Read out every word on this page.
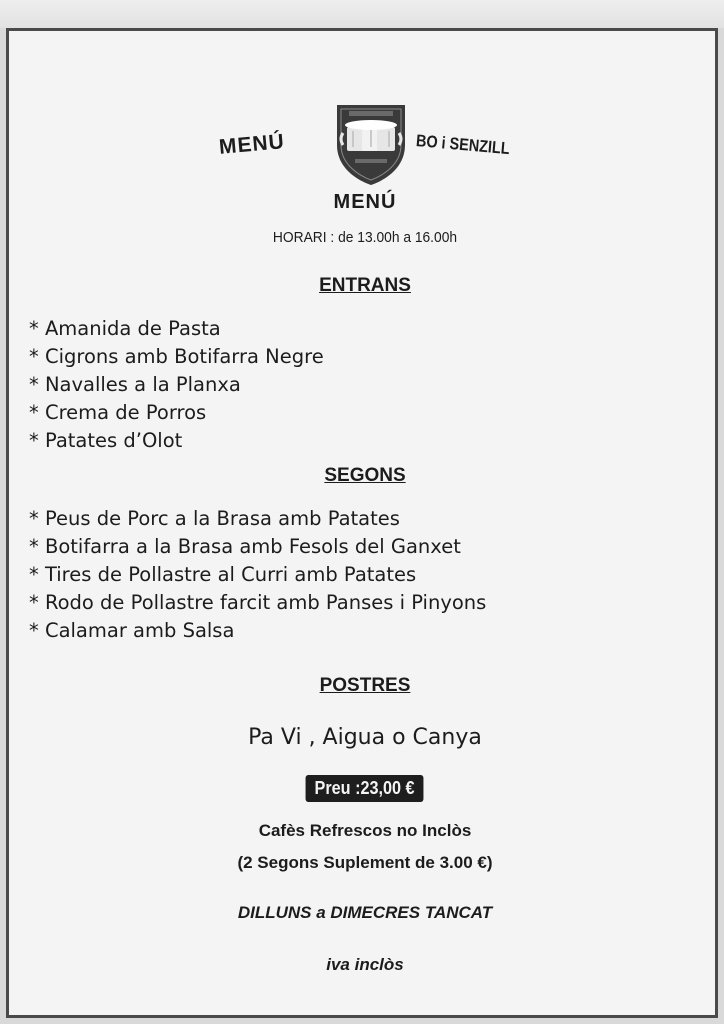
MENÚ	BO i SENZILL
MENÚ
HORARI : de 13.00h a 16.00h
ENTRANS
* Amanida de Pasta
* Cigrons amb Botifarra Negre
* Navalles a la Planxa
* Crema de Porros
* Patates d’Olot
SEGONS
* Peus de Porc a la Brasa amb Patates
* Botifarra a la Brasa amb Fesols del Ganxet
* Tires de Pollastre al Curri amb Patates
* Rodo de Pollastre farcit amb Panses i Pinyons
* Calamar amb Salsa
POSTRES
Pa Vi , Aigua o Canya
Preu :23,00 €
Cafès Refrescos no Inclòs
(2 Segons Suplement de 3.00 €)
DILLUNS a DIMECRES TANCAT
iva inclòs
